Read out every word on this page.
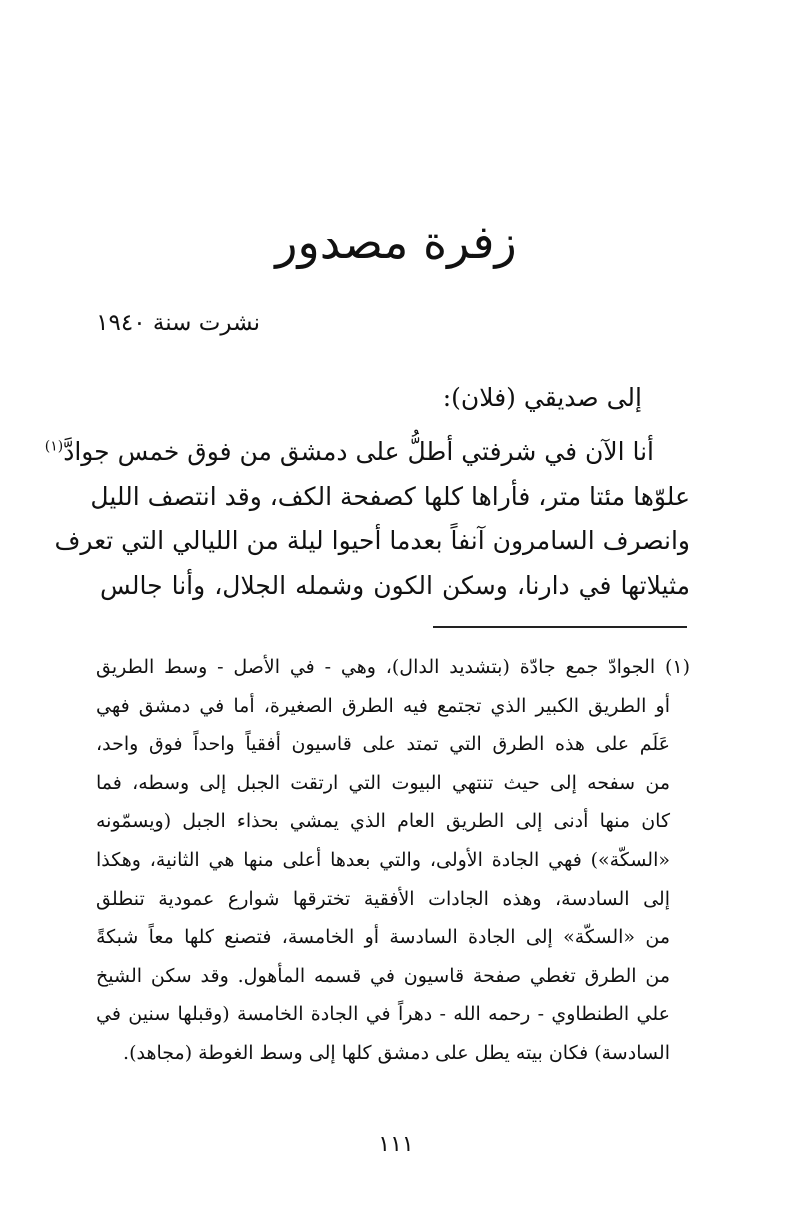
زفرة مصدور
نشرت سنة ١٩٤٠
إلى صديقي (فلان):
أنا الآن في شرفتي أطلُّ على دمشق من فوق خمس جوادَّ$^{(١)}$
علوّها مئتا متر، فأراها كلها كصفحة الكف، وقد انتصف الليل
وانصرف السامرون آنفاً بعدما أحيوا ليلة من الليالي التي تعرف
مثيلاتها في دارنا، وسكن الكون وشمله الجلال، وأنا جالس
(١) الجوادّ جمع جادّة (بتشديد الدال)، وهي - في الأصل - وسط الطريق
أو الطريق الكبير الذي تجتمع فيه الطرق الصغيرة، أما في دمشق فهي
عَلَم على هذه الطرق التي تمتد على قاسيون أفقياً واحداً فوق واحد،
من سفحه إلى حيث تنتهي البيوت التي ارتقت الجبل إلى وسطه، فما
كان منها أدنى إلى الطريق العام الذي يمشي بحذاء الجبل (ويسمّونه
«السكّة») فهي الجادة الأولى، والتي بعدها أعلى منها هي الثانية، وهكذا
إلى السادسة، وهذه الجادات الأفقية تخترقها شوارع عمودية تنطلق
من «السكّة» إلى الجادة السادسة أو الخامسة، فتصنع كلها معاً شبكةً
من الطرق تغطي صفحة قاسيون في قسمه المأهول. وقد سكن الشيخ
علي الطنطاوي - رحمه الله - دهراً في الجادة الخامسة (وقبلها سنين في
السادسة) فكان بيته يطل على دمشق كلها إلى وسط الغوطة (مجاهد).
١١١
